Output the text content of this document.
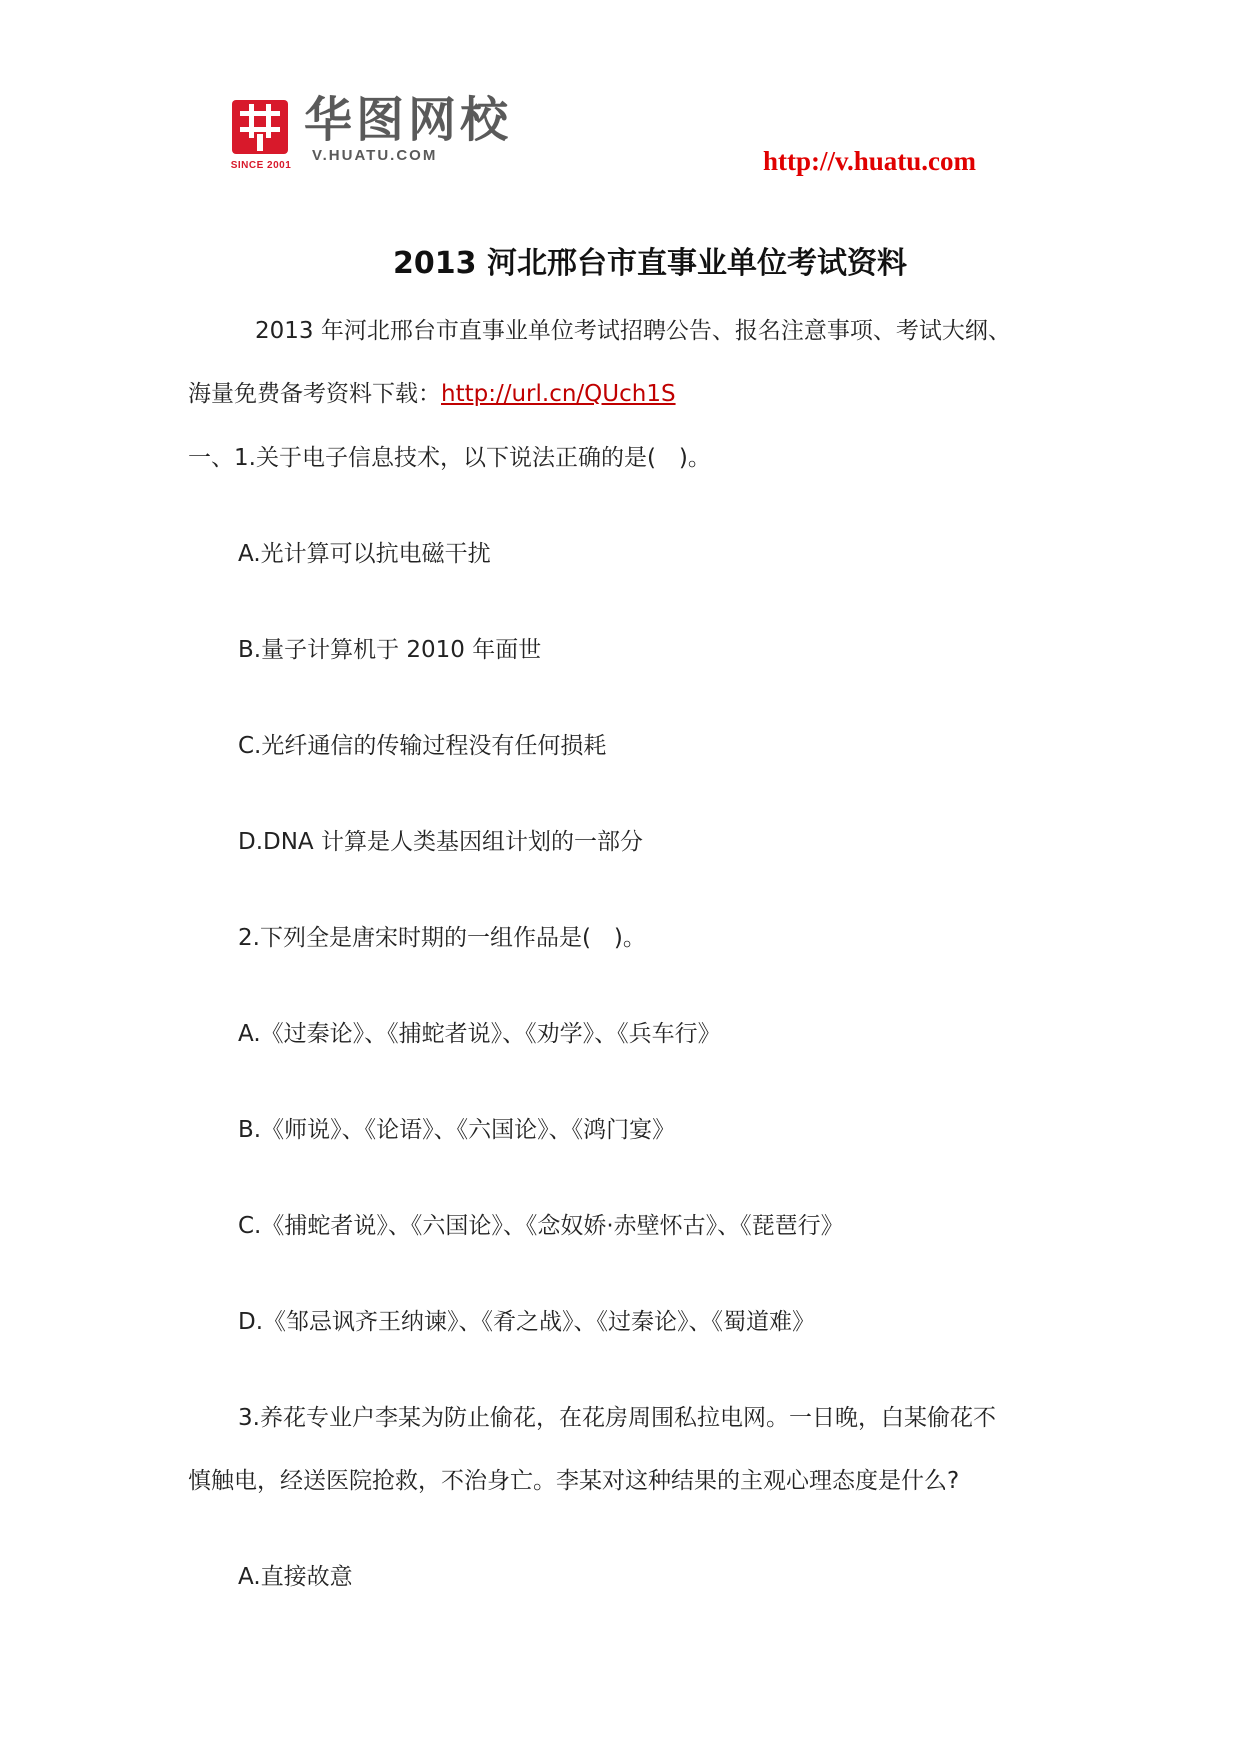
SINCE 2001
华图网校
V.HUATU.COM	http://v.huatu.com
2013 河北邢台市直事业单位考试资料
2013 年河北邢台市直事业单位考试招聘公告、报名注意事项、考试大纲、
海量免费备考资料下载：http://url.cn/QUch1S
一、1.关于电子信息技术，以下说法正确的是(　)。
A.光计算可以抗电磁干扰
B.量子计算机于 2010 年面世
C.光纤通信的传输过程没有任何损耗
D.DNA 计算是人类基因组计划的一部分
2.下列全是唐宋时期的一组作品是(　)。
A.《过秦论》、《捕蛇者说》、《劝学》、《兵车行》
B.《师说》、《论语》、《六国论》、《鸿门宴》
C.《捕蛇者说》、《六国论》、《念奴娇·赤壁怀古》、《琵琶行》
D.《邹忌讽齐王纳谏》、《肴之战》、《过秦论》、《蜀道难》
3.养花专业户李某为防止偷花，在花房周围私拉电网。一日晚，白某偷花不
慎触电，经送医院抢救，不治身亡。李某对这种结果的主观心理态度是什么?
A.直接故意
